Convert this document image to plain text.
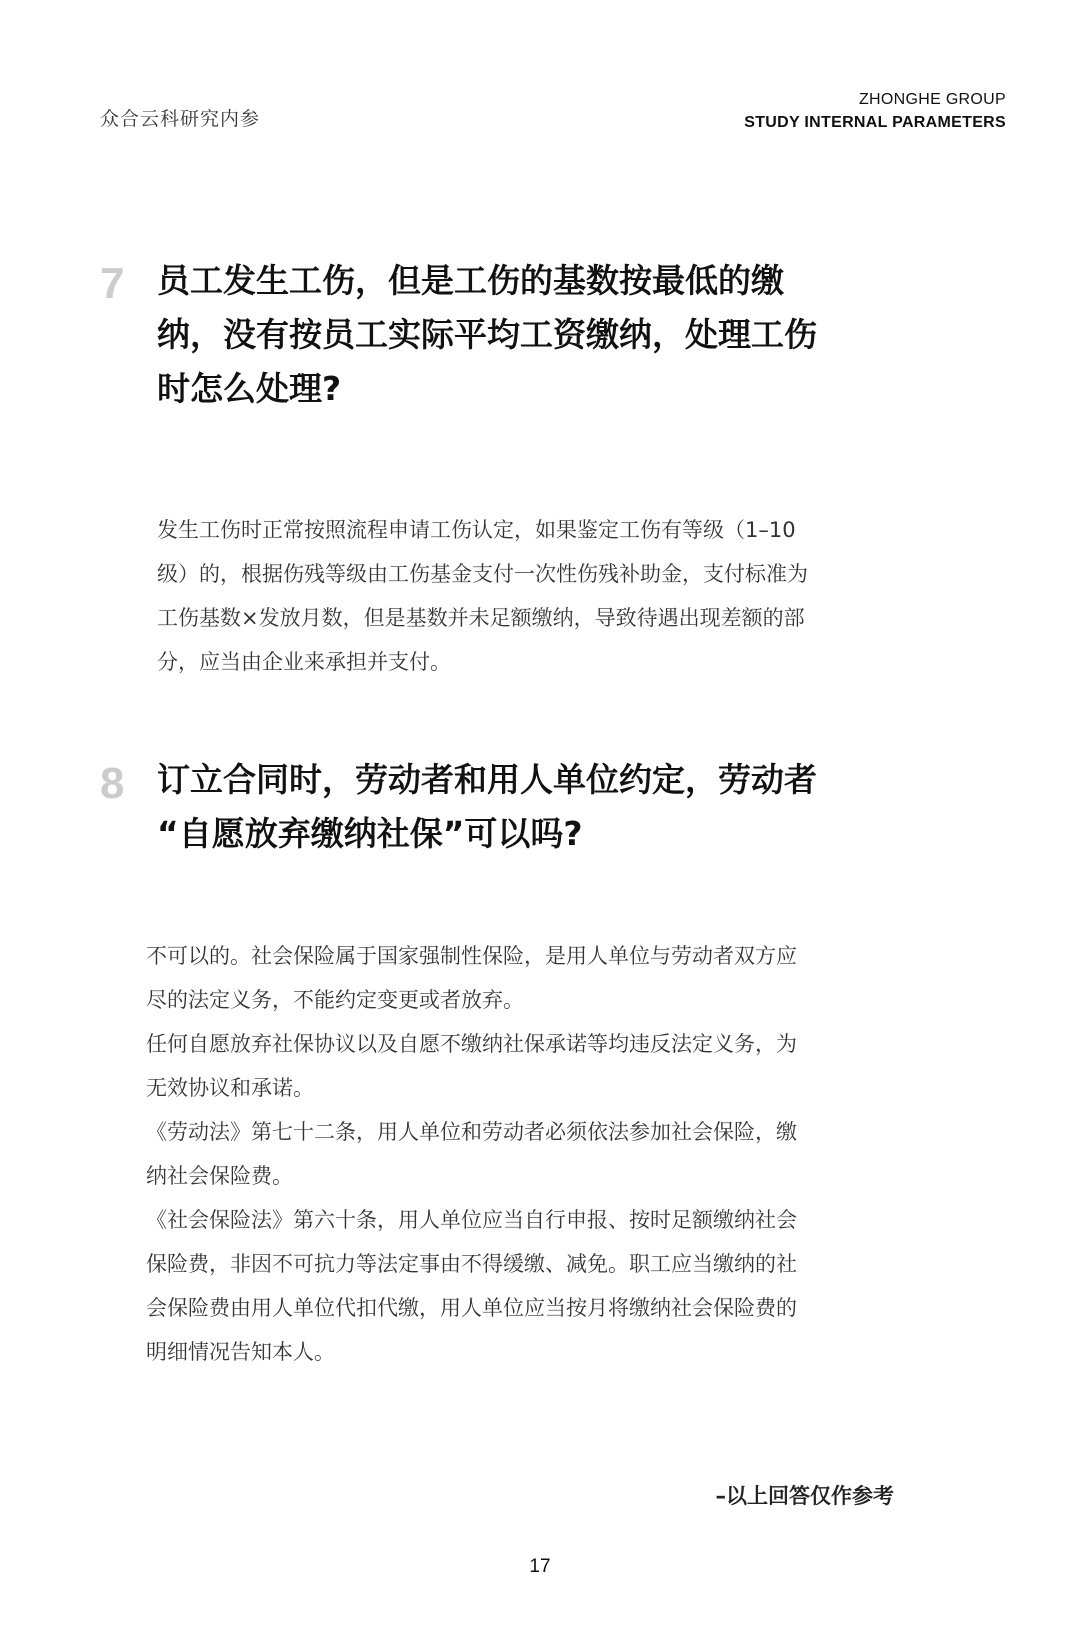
众合云科研究内参
ZHONGHE GROUP
STUDY INTERNAL PARAMETERS
7 员工发生工伤，但是工伤的基数按最低的缴
纳，没有按员工实际平均工资缴纳，处理工伤
时怎么处理?

发生工伤时正常按照流程申请工伤认定，如果鉴定工伤有等级（1–10

级）的，根据伤残等级由工伤基金支付一次性伤残补助金，支付标准为

工伤基数×发放月数，但是基数并未足额缴纳，导致待遇出现差额的部

分，应当由企业来承担并支付。

8 订立合同时，劳动者和用人单位约定，劳动者
“自愿放弃缴纳社保”可以吗?

不可以的。社会保险属于国家强制性保险，是用人单位与劳动者双方应

尽的法定义务，不能约定变更或者放弃。

任何自愿放弃社保协议以及自愿不缴纳社保承诺等均违反法定义务，为

无效协议和承诺。

《劳动法》第七十二条，用人单位和劳动者必须依法参加社会保险，缴

纳社会保险费。

《社会保险法》第六十条，用人单位应当自行申报、按时足额缴纳社会

保险费，非因不可抗力等法定事由不得缓缴、减免。职工应当缴纳的社

会保险费由用人单位代扣代缴，用人单位应当按月将缴纳社会保险费的

明细情况告知本人。

–以上回答仅作参考
17
